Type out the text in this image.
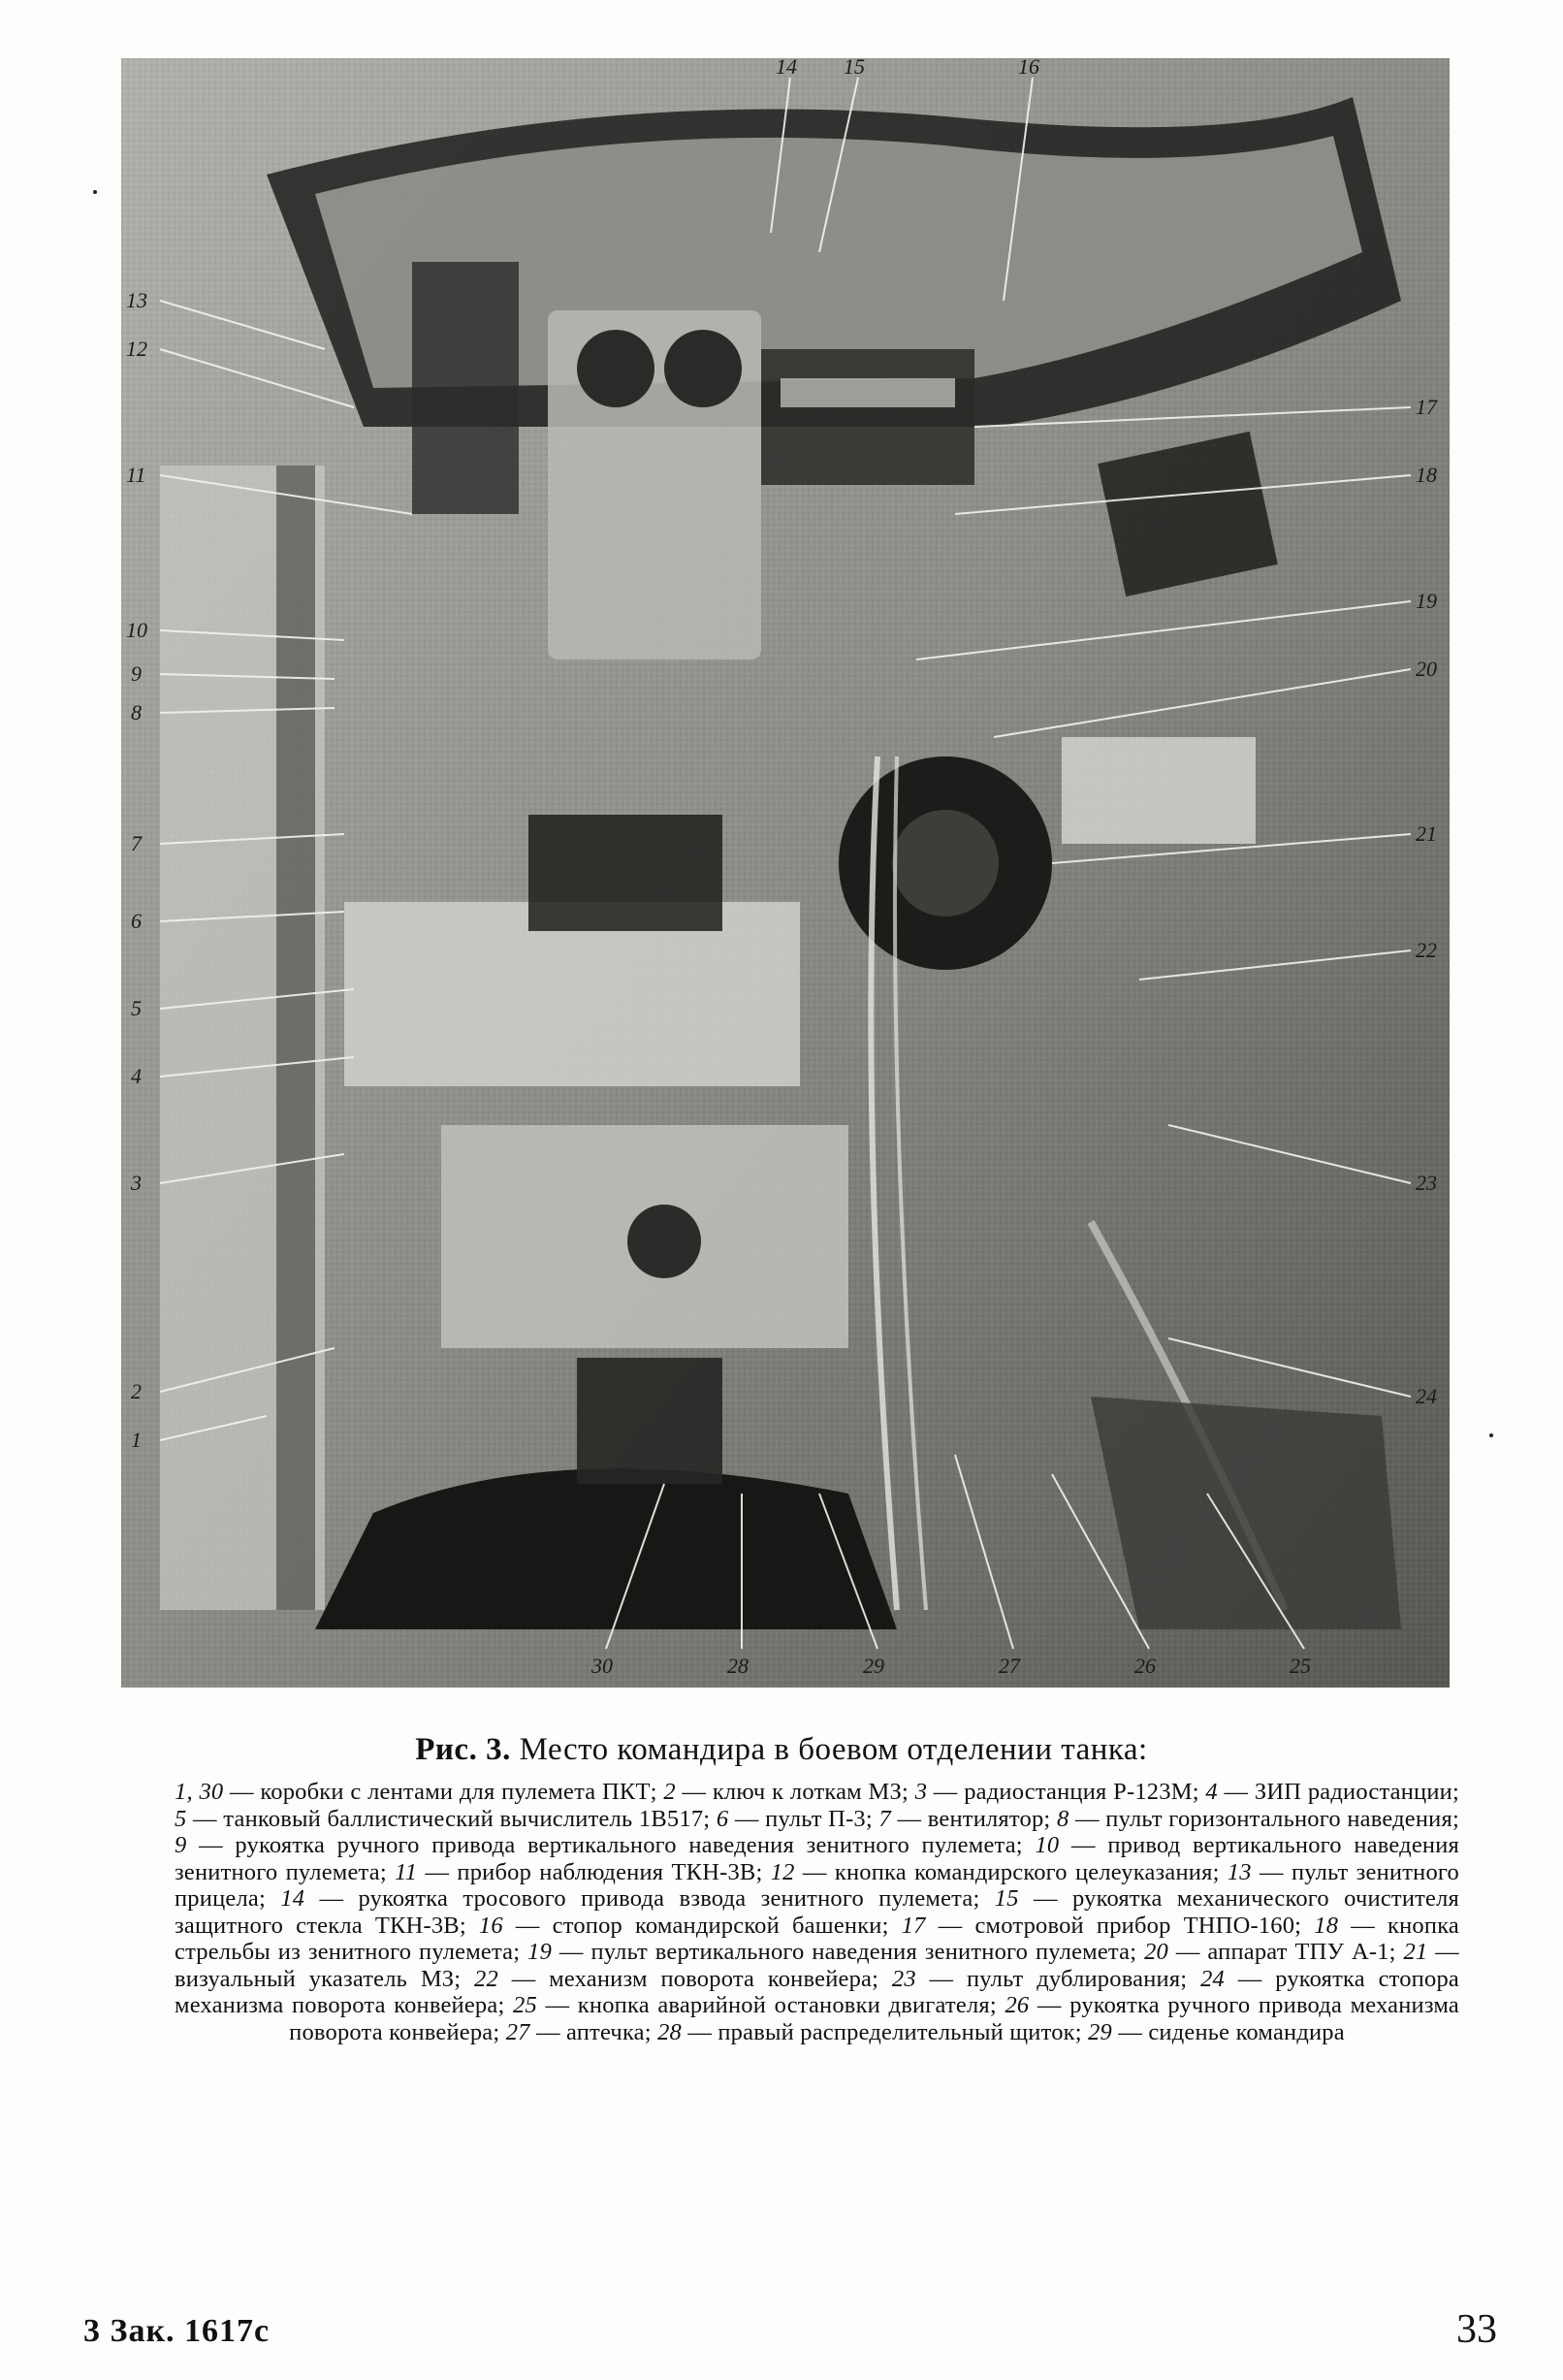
1
2
3
4
5
6
7
8
9
10
11
12
13
14 15	16
17
18
19
20
21
22
23
24
25
26
27
28	29
30
Рис. 3. Место командира в боевом отделении танка:
1, 30 — коробки с лентами для пулемета ПКТ; 2 — ключ к лоткам МЗ; 3 — радиостанция Р-123М; 4 — ЗИП радиостанции; 5 — танковый баллистический вычислитель 1В517; 6 — пульт П-3; 7 — вентилятор; 8 — пульт горизонтального наведения; 9 — рукоятка ручного привода вертикального наведения зенитного пулемета; 10 — привод вертикального наведения зенитного пулемета; 11 — прибор наблюдения ТКН-3В; 12 — кнопка командирского целеуказания; 13 — пульт зенитного прицела; 14 — рукоятка тросового привода взвода зенитного пулемета; 15 — рукоятка механического очистителя защитного стекла ТКН-3В; 16 — стопор командирской башенки; 17 — смотровой прибор ТНПО-160; 18 — кнопка стрельбы из зенитного пулемета; 19 — пульт вертикального наведения зенитного пулемета; 20 — аппарат ТПУ А-1; 21 — визуальный указатель МЗ; 22 — механизм поворота конвейера; 23 — пульт дублирования; 24 — рукоятка стопора механизма поворота конвейера; 25 — кнопка аварийной остановки двигателя; 26 — рукоятка ручного привода механизма поворота конвейера; 27 — аптечка; 28 — правый распределительный щиток; 29 — сиденье командира
3 Зак. 1617с	33
